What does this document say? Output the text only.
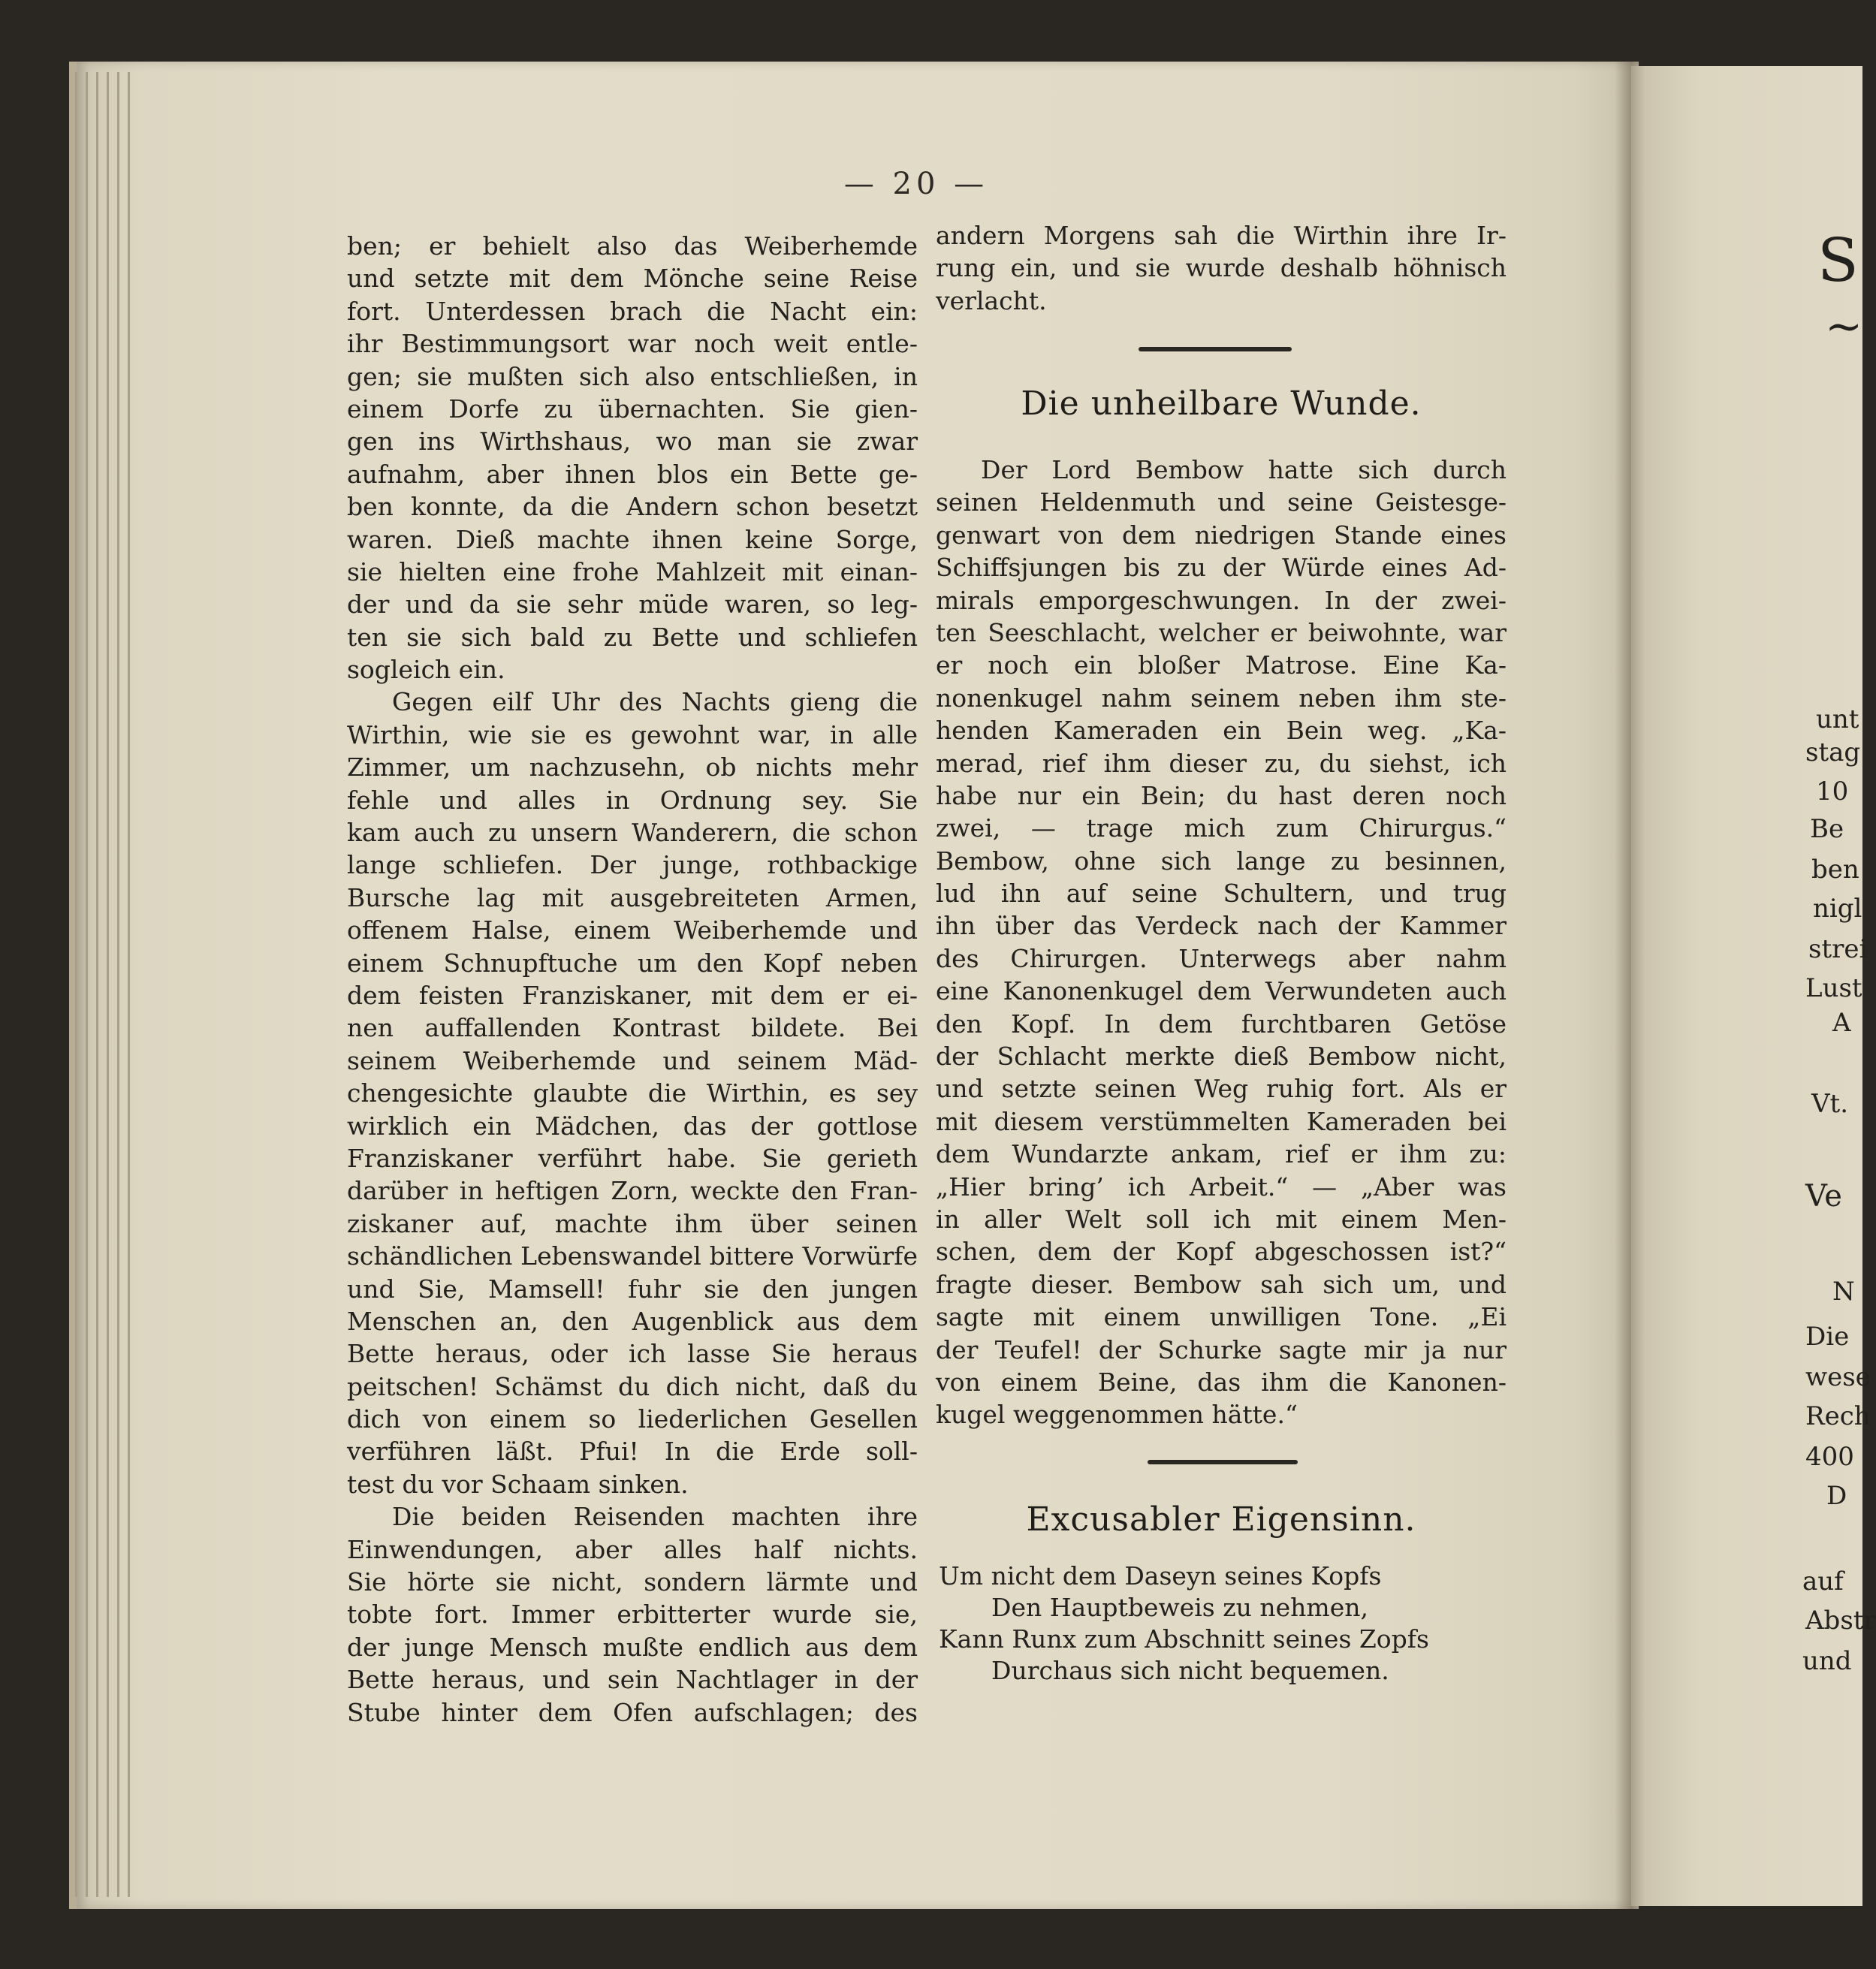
— 20 —
ben; er behielt also das Weiberhemde
und setzte mit dem Mönche seine Reise
fort. Unterdessen brach die Nacht ein:
ihr Bestimmungsort war noch weit entle-
gen; sie mußten sich also entschließen, in
einem Dorfe zu übernachten. Sie gien-
gen ins Wirthshaus, wo man sie zwar
aufnahm, aber ihnen blos ein Bette ge-
ben konnte, da die Andern schon besetzt
waren. Dieß machte ihnen keine Sorge,
sie hielten eine frohe Mahlzeit mit einan-
der und da sie sehr müde waren, so leg-
ten sie sich bald zu Bette und schliefen
sogleich ein.
Gegen eilf Uhr des Nachts gieng die
Wirthin, wie sie es gewohnt war, in alle
Zimmer, um nachzusehn, ob nichts mehr
fehle und alles in Ordnung sey. Sie
kam auch zu unsern Wanderern, die schon
lange schliefen. Der junge, rothbackige
Bursche lag mit ausgebreiteten Armen,
offenem Halse, einem Weiberhemde und
einem Schnupftuche um den Kopf neben
dem feisten Franziskaner, mit dem er ei-
nen auffallenden Kontrast bildete. Bei
seinem Weiberhemde und seinem Mäd-
chengesichte glaubte die Wirthin, es sey
wirklich ein Mädchen, das der gottlose
Franziskaner verführt habe. Sie gerieth
darüber in heftigen Zorn, weckte den Fran-
ziskaner auf, machte ihm über seinen
schändlichen Lebenswandel bittere Vorwürfe
und Sie, Mamsell! fuhr sie den jungen
Menschen an, den Augenblick aus dem
Bette heraus, oder ich lasse Sie heraus
peitschen! Schämst du dich nicht, daß du
dich von einem so liederlichen Gesellen
verführen läßt. Pfui! In die Erde soll-
test du vor Schaam sinken.
Die beiden Reisenden machten ihre
Einwendungen, aber alles half nichts.
Sie hörte sie nicht, sondern lärmte und
tobte fort. Immer erbitterter wurde sie,
der junge Mensch mußte endlich aus dem
Bette heraus, und sein Nachtlager in der
Stube hinter dem Ofen aufschlagen; des
andern Morgens sah die Wirthin ihre Ir-
rung ein, und sie wurde deshalb höhnisch
verlacht.
Die unheilbare Wunde.
Der Lord Bembow hatte sich durch
seinen Heldenmuth und seine Geistesge-
genwart von dem niedrigen Stande eines
Schiffsjungen bis zu der Würde eines Ad-
mirals emporgeschwungen. In der zwei-
ten Seeschlacht, welcher er beiwohnte, war
er noch ein bloßer Matrose. Eine Ka-
nonenkugel nahm seinem neben ihm ste-
henden Kameraden ein Bein weg. „Ka-
merad, rief ihm dieser zu, du siehst, ich
habe nur ein Bein; du hast deren noch
zwei, — trage mich zum Chirurgus.“
Bembow, ohne sich lange zu besinnen,
lud ihn auf seine Schultern, und trug
ihn über das Verdeck nach der Kammer
des Chirurgen. Unterwegs aber nahm
eine Kanonenkugel dem Verwundeten auch
den Kopf. In dem furchtbaren Getöse
der Schlacht merkte dieß Bembow nicht,
und setzte seinen Weg ruhig fort. Als er
mit diesem verstümmelten Kameraden bei
dem Wundarzte ankam, rief er ihm zu:
„Hier bring’ ich Arbeit.“ — „Aber was
in aller Welt soll ich mit einem Men-
schen, dem der Kopf abgeschossen ist?“
fragte dieser. Bembow sah sich um, und
sagte mit einem unwilligen Tone. „Ei
der Teufel! der Schurke sagte mir ja nur
von einem Beine, das ihm die Kanonen-
kugel weggenommen hätte.“
Excusabler Eigensinn.
Um nicht dem Daseyn seines Kopfs
Den Hauptbeweis zu nehmen,
Kann Runx zum Abschnitt seines Zopfs
Durchaus sich nicht bequemen.
S
~
unt
stag
10
Be
ben
nigl
strei
Lust
A
Vt.
Ve
N
Die
wese
Rech
400
D
auf
Abstr
und
